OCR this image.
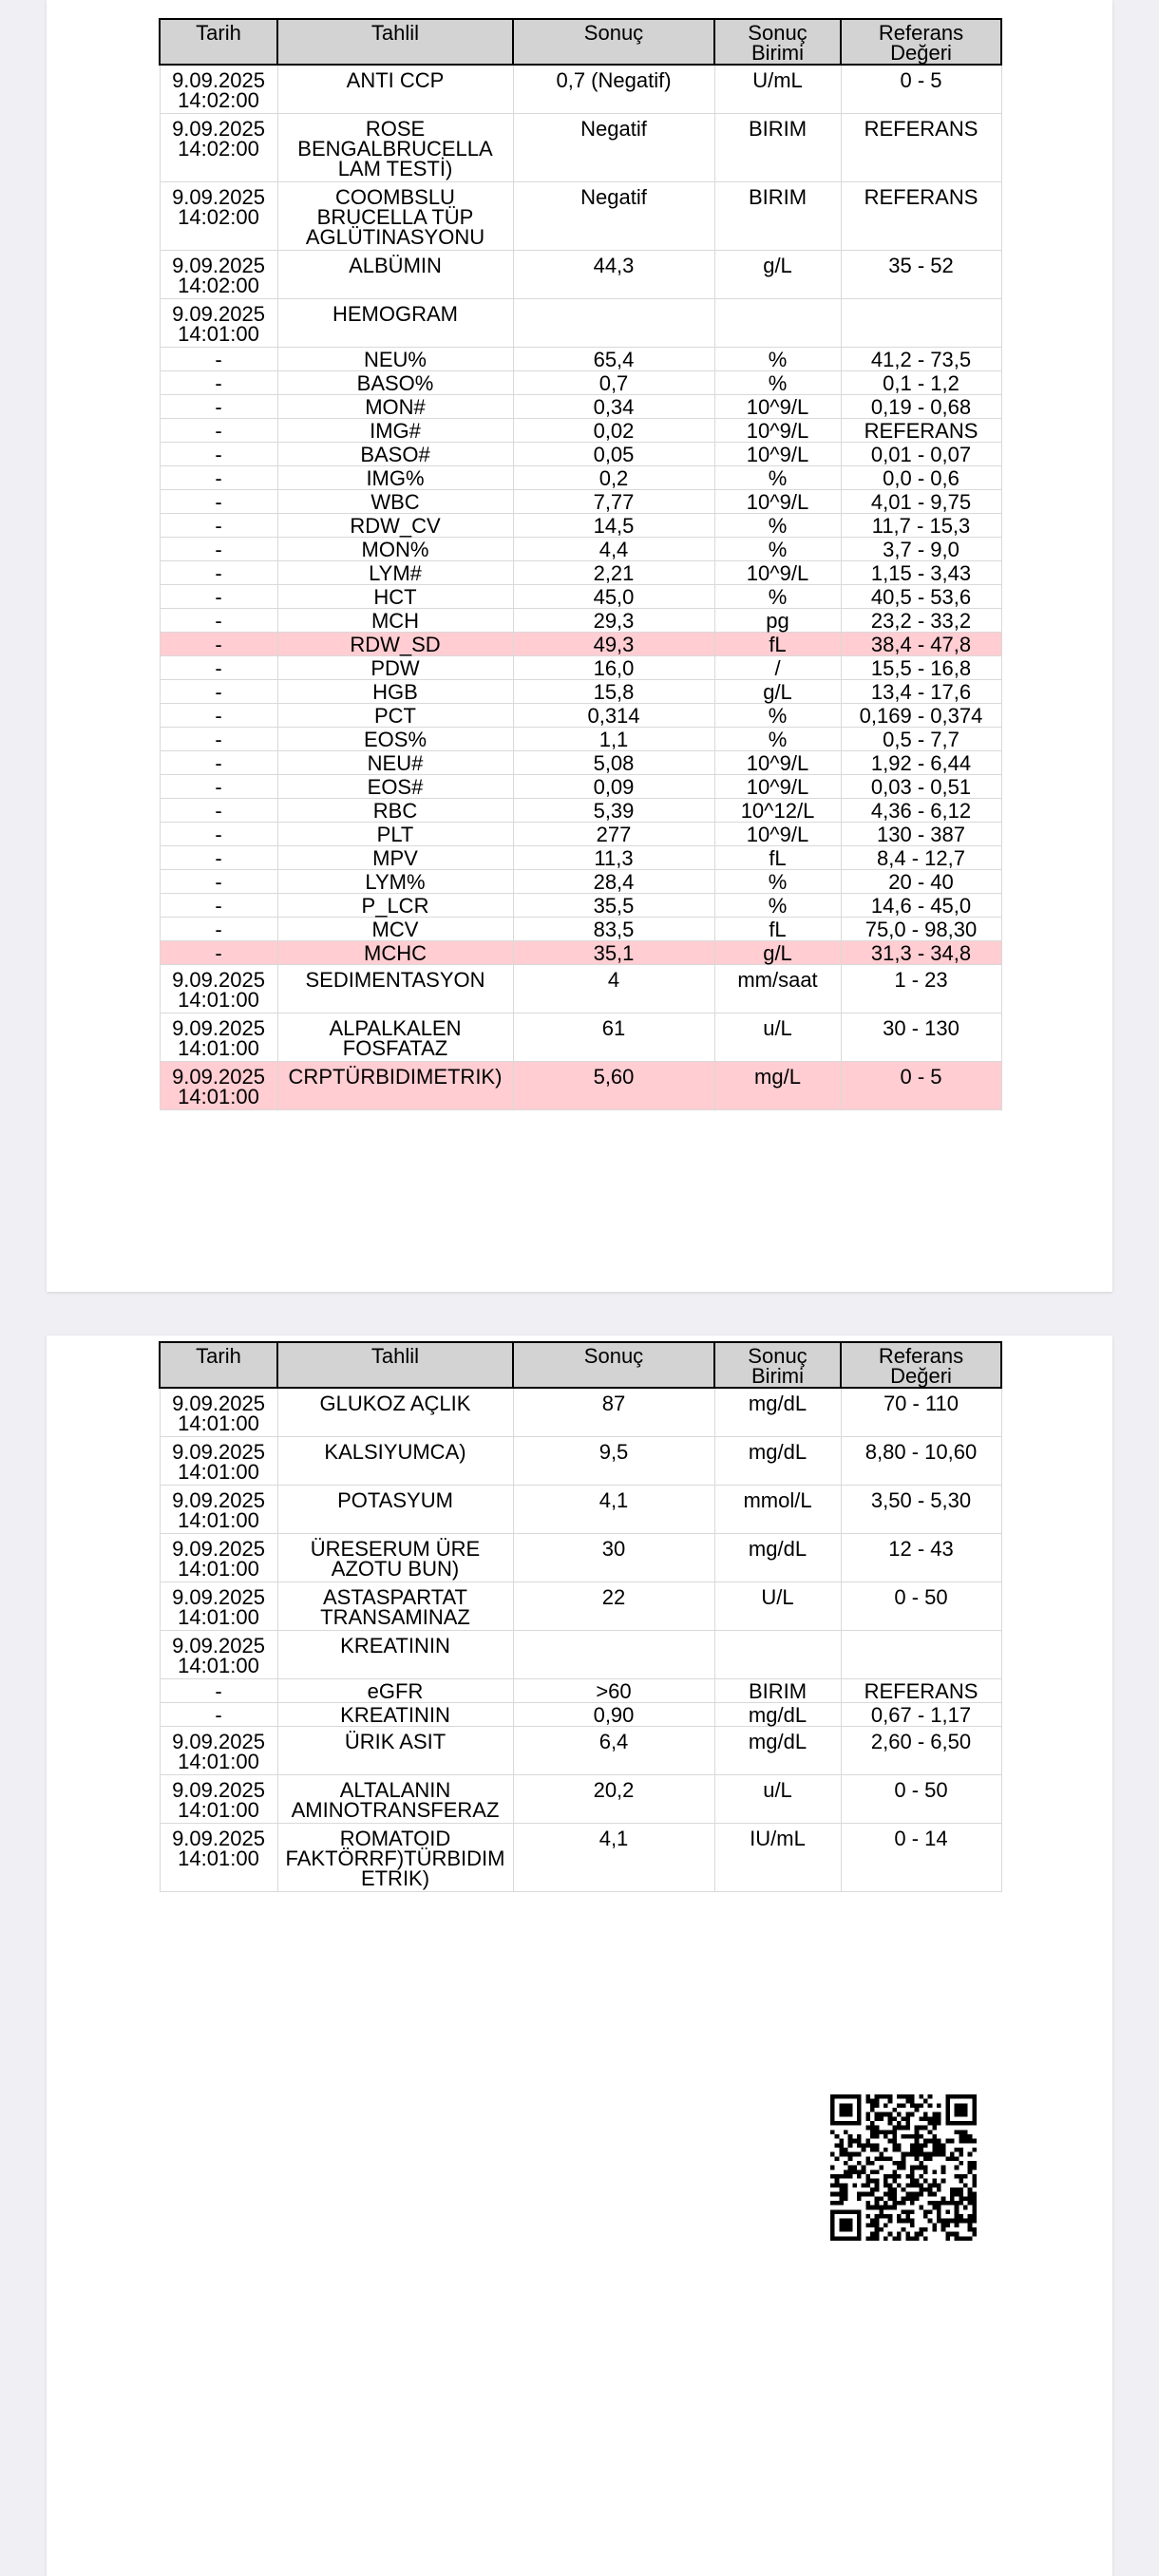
Tarih	Tahlil	Sonuç	Sonuç
Birimi	Referans
Değeri
9.09.2025
14:02:00	ANTI CCP	0,7 (Negatif)	U/mL	0 - 5
9.09.2025
14:02:00	ROSE
BENGALBRUCELLA
LAM TESTİ)	Negatif	BIRIM	REFERANS
9.09.2025
14:02:00	COOMBSLU
BRUCELLA TÜP
AGLÜTINASYONU	Negatif	BIRIM	REFERANS
9.09.2025
14:02:00	ALBÜMIN	44,3	g/L	35 - 52
9.09.2025
14:01:00	HEMOGRAM			
-	NEU%	65,4	%	41,2 - 73,5
-	BASO%	0,7	%	0,1 - 1,2
-	MON#	0,34	10^9/L	0,19 - 0,68
-	IMG#	0,02	10^9/L	REFERANS
-	BASO#	0,05	10^9/L	0,01 - 0,07
-	IMG%	0,2	%	0,0 - 0,6
-	WBC	7,77	10^9/L	4,01 - 9,75
-	RDW_CV	14,5	%	11,7 - 15,3
-	MON%	4,4	%	3,7 - 9,0
-	LYM#	2,21	10^9/L	1,15 - 3,43
-	HCT	45,0	%	40,5 - 53,6
-	MCH	29,3	pg	23,2 - 33,2
-	RDW_SD	49,3	fL	38,4 - 47,8
-	PDW	16,0	/	15,5 - 16,8
-	HGB	15,8	g/L	13,4 - 17,6
-	PCT	0,314	%	0,169 - 0,374
-	EOS%	1,1	%	0,5 - 7,7
-	NEU#	5,08	10^9/L	1,92 - 6,44
-	EOS#	0,09	10^9/L	0,03 - 0,51
-	RBC	5,39	10^12/L	4,36 - 6,12
-	PLT	277	10^9/L	130 - 387
-	MPV	11,3	fL	8,4 - 12,7
-	LYM%	28,4	%	20 - 40
-	P_LCR	35,5	%	14,6 - 45,0
-	MCV	83,5	fL	75,0 - 98,30
-	MCHC	35,1	g/L	31,3 - 34,8
9.09.2025
14:01:00	SEDIMENTASYON	4	mm/saat	1 - 23
9.09.2025
14:01:00	ALPALKALEN
FOSFATAZ	61	u/L	30 - 130
9.09.2025
14:01:00	CRPTÜRBIDIMETRIK)	5,60	mg/L	0 - 5
Tarih	Tahlil	Sonuç	Sonuç
Birimi	Referans
Değeri
9.09.2025
14:01:00	GLUKOZ AÇLIK	87	mg/dL	70 - 110
9.09.2025
14:01:00	KALSIYUMCA)	9,5	mg/dL	8,80 - 10,60
9.09.2025
14:01:00	POTASYUM	4,1	mmol/L	3,50 - 5,30
9.09.2025
14:01:00	ÜRESERUM ÜRE
AZOTU BUN)	30	mg/dL	12 - 43
9.09.2025
14:01:00	ASTASPARTAT
TRANSAMINAZ	22	U/L	0 - 50
9.09.2025
14:01:00	KREATININ			
-	eGFR	>60	BIRIM	REFERANS
-	KREATININ	0,90	mg/dL	0,67 - 1,17
9.09.2025
14:01:00	ÜRIK ASIT	6,4	mg/dL	2,60 - 6,50
9.09.2025
14:01:00	ALTALANIN
AMINOTRANSFERAZ	20,2	u/L	0 - 50
9.09.2025
14:01:00	ROMATOID
FAKTÖRRF)TÜRBIDIM
ETRIK)	4,1	IU/mL	0 - 14
